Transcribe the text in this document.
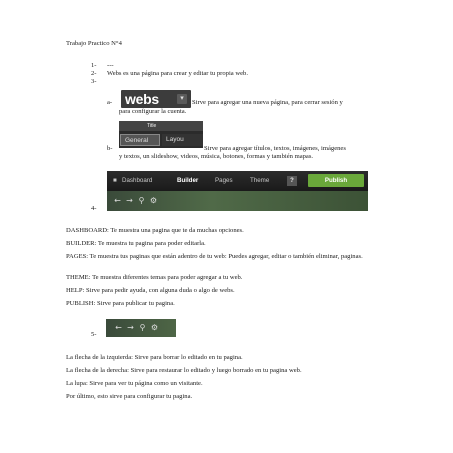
Trabajo Practico N°4
1- ---
2- Webs es una página para crear y editar tu propia web.
3-
a- webs	▾
Sirve para agregar una nueva página, para cerrar sesión y
para configurar la cuenta.
b-
Title
General	Layou
Sirve para agregar títulos, textos, imágenes, imágenes
y textos, un slideshow, videos, música, botones, formas y también mapas.
■ Dashboard	Builder	Pages	Theme	?	Publish
← → ⚲ ⚙
4-
DASHBOARD: Te muestra una pagina que te da muchas opciones.
BUILDER: Te muestra tu pagina para poder editarla.
PAGES: Te muestra tus paginas que están adentro de tu web: Puedes agregar, editar o también eliminar, paginas.
THEME: Te muestra diferentes temas para poder agregar a tu web.
HELP: Sirve para pedir ayuda, con alguna duda o algo de webs.
PUBLISH: Sirve para publicar tu pagina.
← → ⚲ ⚙
5-
La flecha de la izquierda: Sirve para borrar lo editado en tu pagina.
La flecha de la derecha: Sirve para restaurar lo editado y luego borrado en tu pagina web.
La lupa: Sirve para ver tu página como un visitante.
Por último, esto sirve para configurar tu pagina.
